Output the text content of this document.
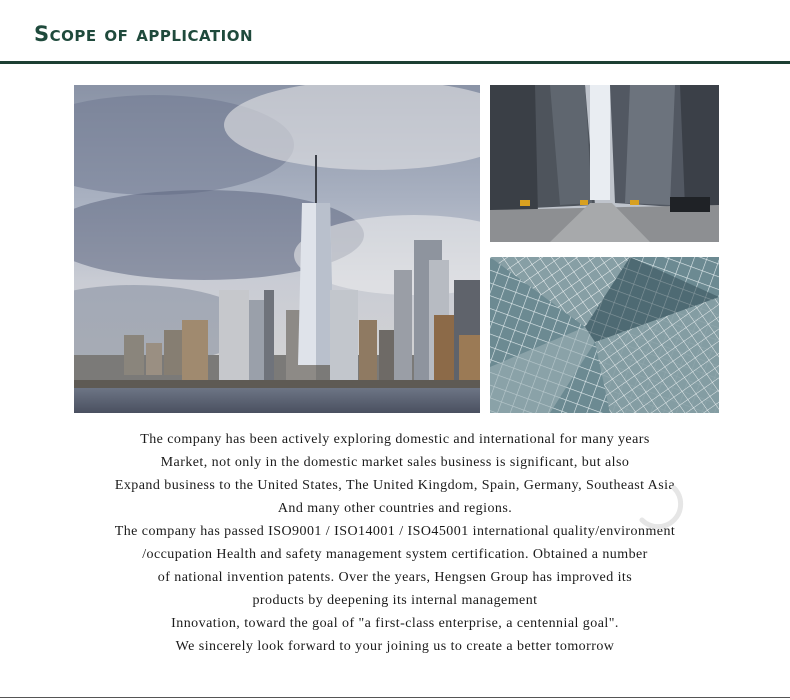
Scope of application

The company has been actively exploring domestic and international for many years

Market, not only in the domestic market sales business is significant, but also

Expand business to the United States, The United Kingdom, Spain, Germany, Southeast Asia

And many other countries and regions.

The company has passed ISO9001 / ISO14001 / ISO45001 international quality/environment

/occupation Health and safety management system certification. Obtained a number

of national invention patents. Over the years, Hengsen Group has improved its

products by deepening its internal management

Innovation, toward the goal of "a first-class enterprise, a centennial goal".

We sincerely look forward to your joining us to create a better tomorrow
